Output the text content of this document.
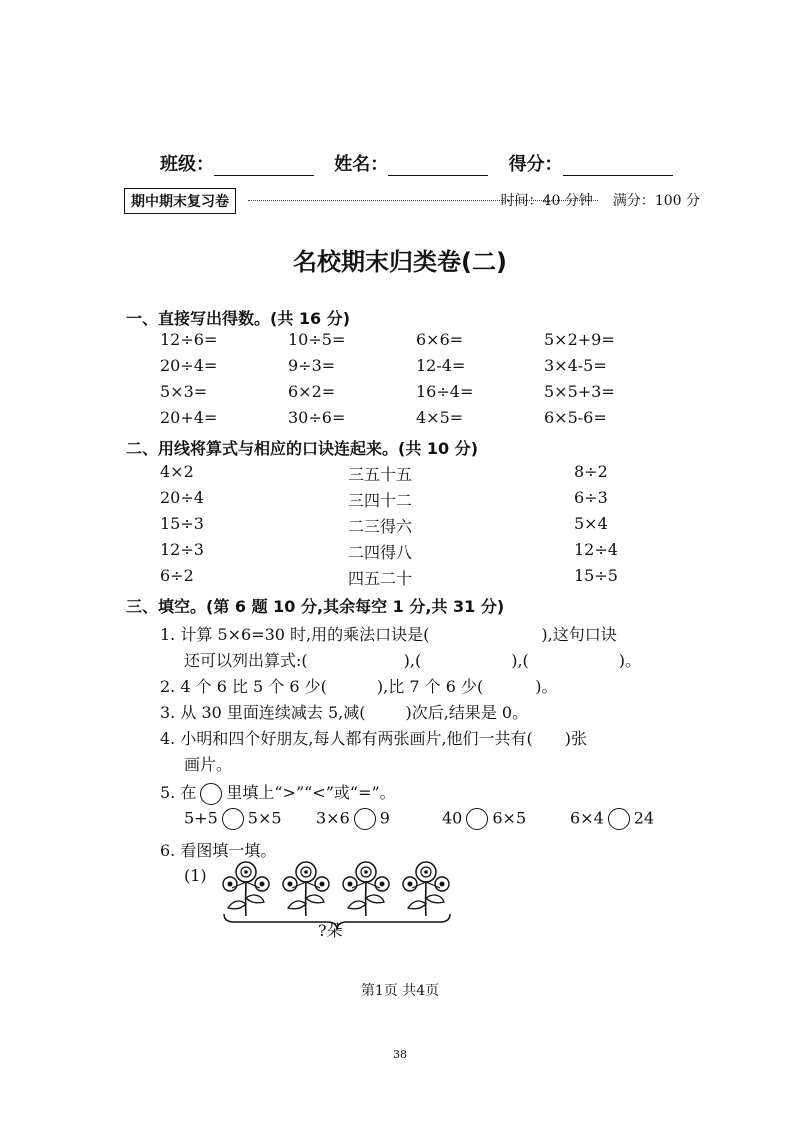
班级：	姓名：	得分：
期中期末复习卷	时间：40 分钟 满分：100 分
名校期末归类卷(二)
一、直接写出得数。(共 16 分)
12÷6=	10÷5=	6×6=	5×2+9=
20÷4=	9÷3=	12-4=	3×4-5=
5×3=	6×2=	16÷4=	5×5+3=
20+4=	30÷6=	4×5=	6×5-6=
二、用线将算式与相应的口诀连起来。(共 10 分)
4×2	三五十五	8÷2
20÷4	三四十二	6÷3
15÷3	二三得六	5×4
12÷3	二四得八	12÷4
6÷2	四五二十	15÷5
三、填空。(第 6 题 10 分,其余每空 1 分,共 31 分)
1. 计算 5×6=30 时,用的乘法口诀是(	),这句口诀
还可以列出算式:(	),(	),(	)。
2. 4 个 6 比 5 个 6 少(	),比 7 个 6 少(	)。
3. 从 30 里面连续减去 5,减(	)次后,结果是 0。
4. 小明和四个好朋友,每人都有两张画片,他们一共有( )张
画片。
5. 在 里填上“>”“<”或“=”。
5+5 5×5 3×6 9	40 6×5	6×4 24
6. 看图填一填。
(1)
?朵
第1页 共4页
38
